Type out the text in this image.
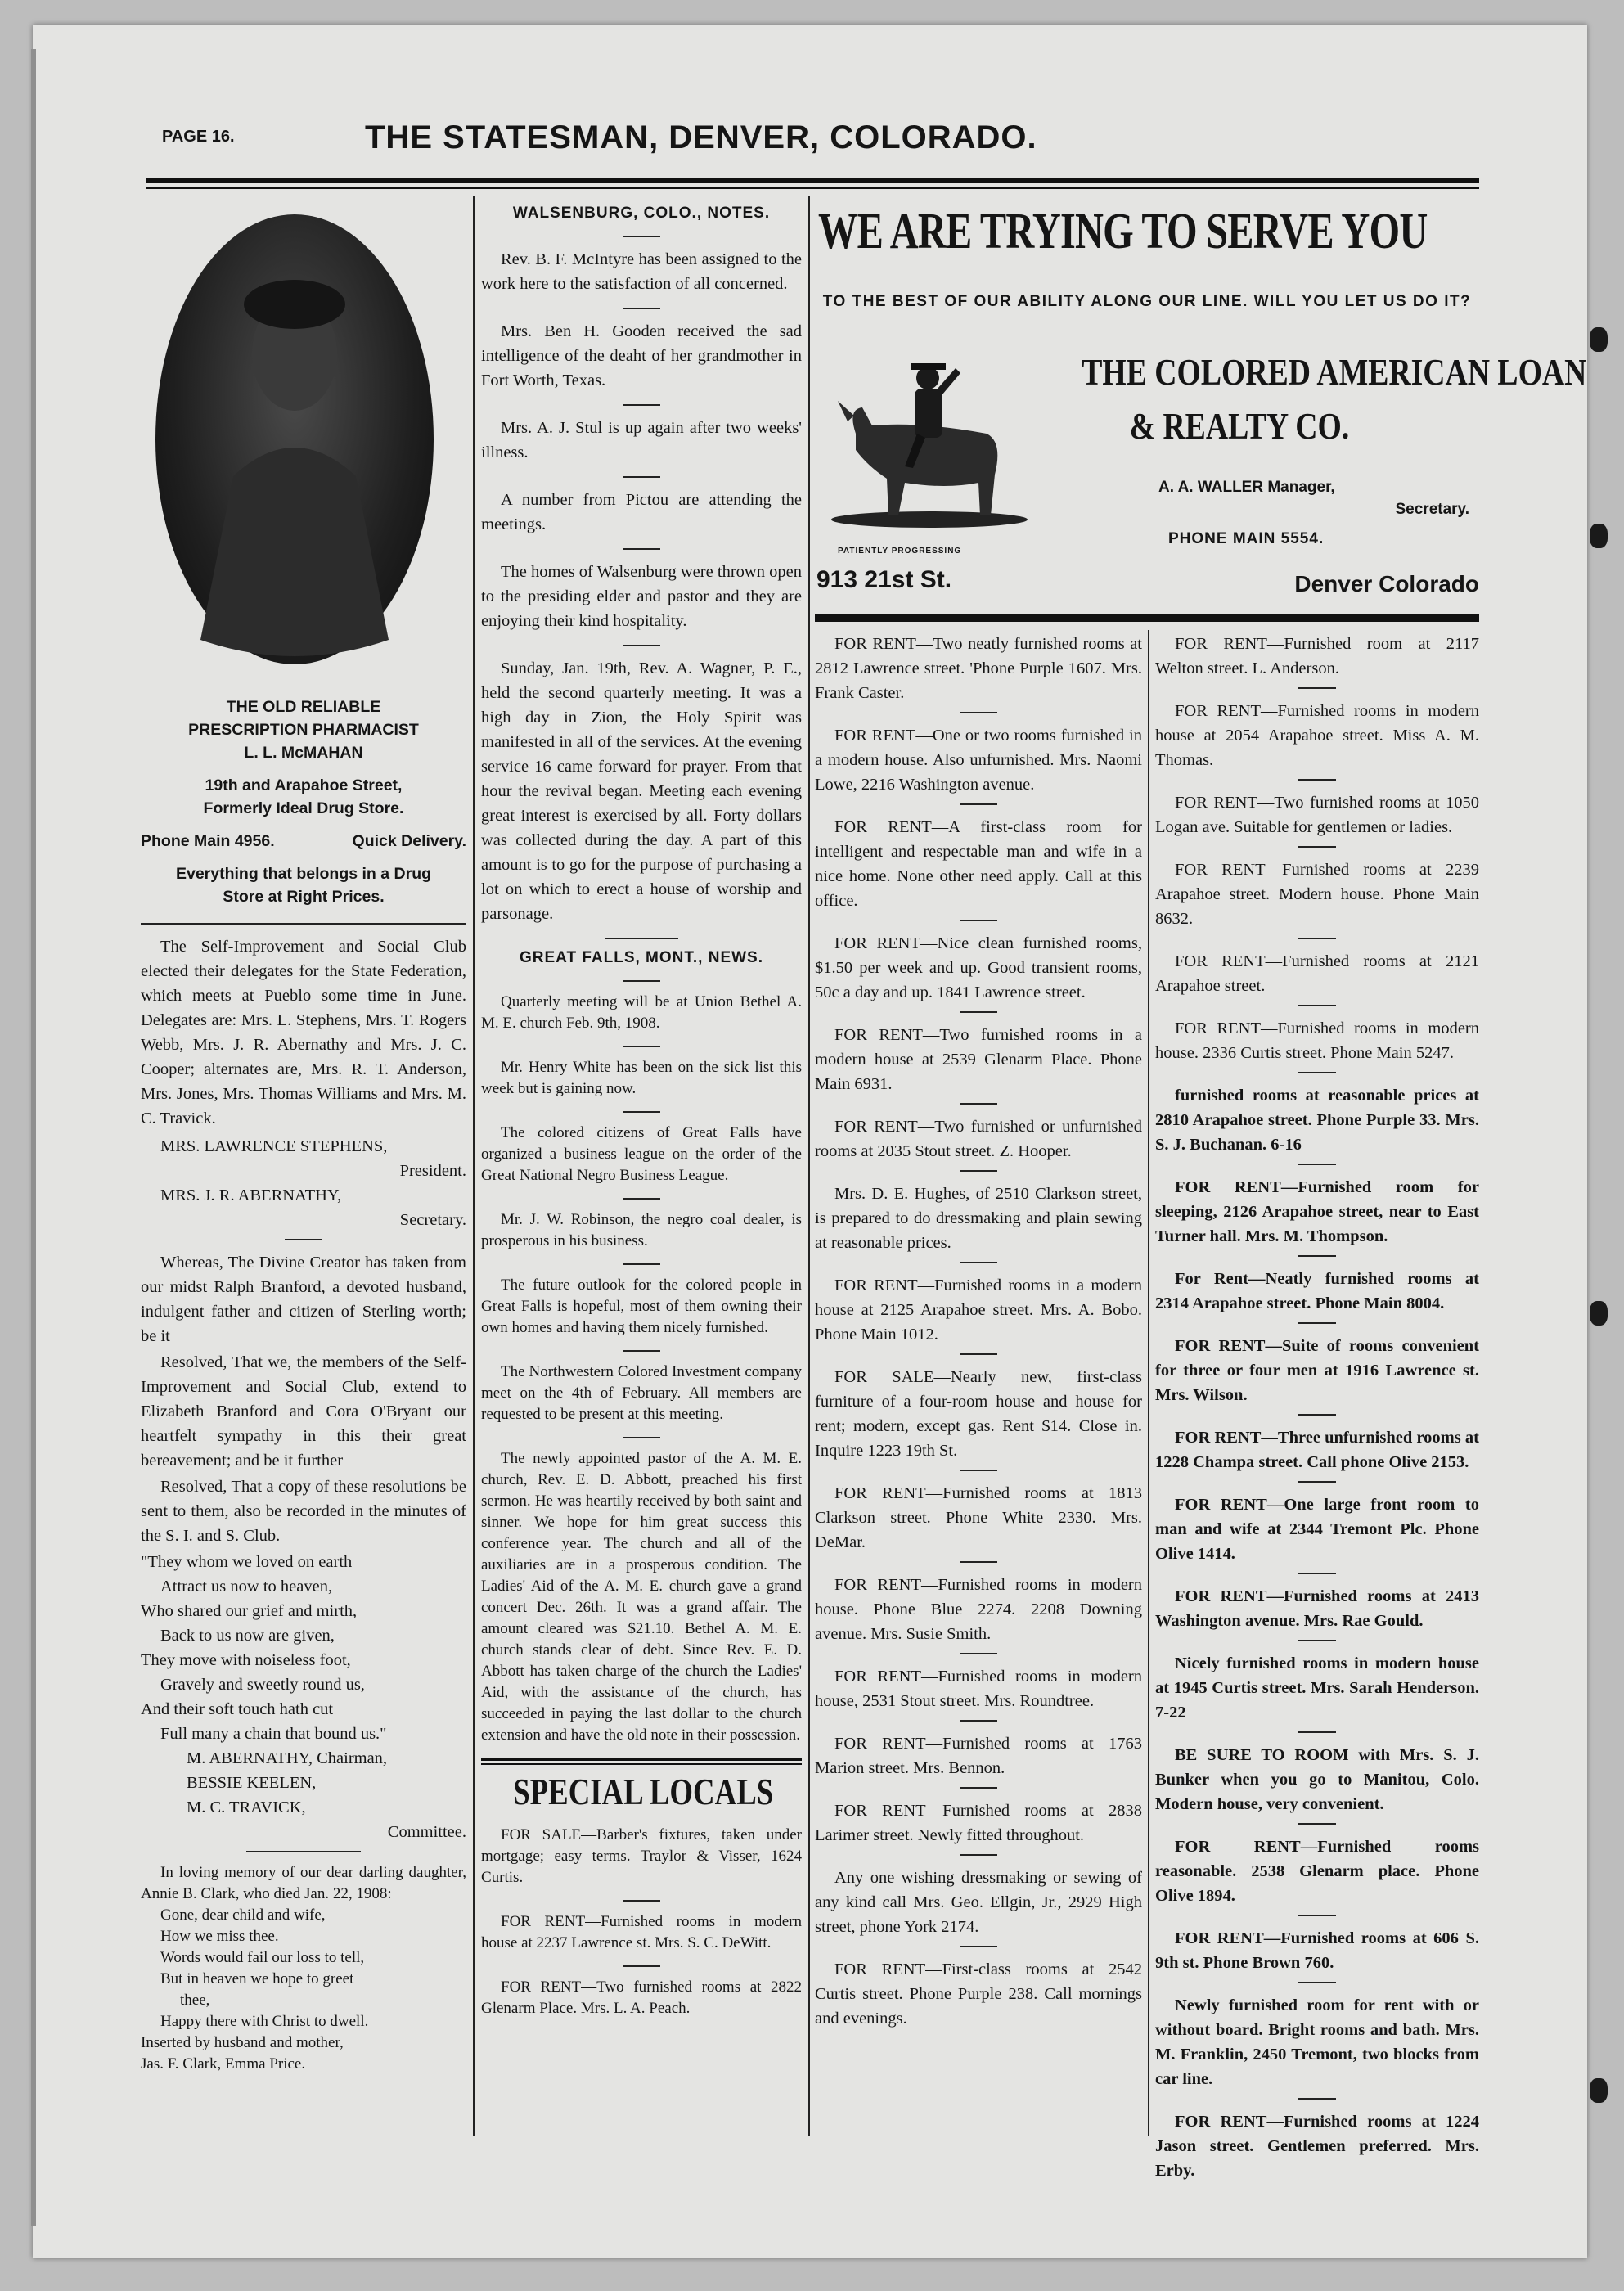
PAGE 16.	THE STATESMAN, DENVER, COLORADO.
THE OLD RELIABLE
PRESCRIPTION PHARMACIST
L. L. McMAHAN
19th and Arapahoe Street,
Formerly Ideal Drug Store.
Phone Main 4956.	Quick Delivery.
Everything that belongs in a Drug
Store at Right Prices.

The Self-Improvement and Social Club elected their delegates for the State Federation, which meets at Pueblo some time in June. Delegates are: Mrs. L. Stephens, Mrs. T. Rogers Webb, Mrs. J. R. Abernathy and Mrs. J. C. Cooper; alternates are, Mrs. R. T. Anderson, Mrs. Jones, Mrs. Thomas Williams and Mrs. M. C. Travick.

MRS. LAWRENCE STEPHENS,
President.
MRS. J. R. ABERNATHY,
Secretary.

Whereas, The Divine Creator has taken from our midst Ralph Branford, a devoted husband, indulgent father and citizen of Sterling worth; be it

Resolved, That we, the members of the Self-Improvement and Social Club, extend to Elizabeth Branford and Cora O'Bryant our heartfelt sympathy in this their great bereavement; and be it further

Resolved, That a copy of these resolutions be sent to them, also be recorded in the minutes of the S. I. and S. Club.

"They whom we loved on earth
Attract us now to heaven,
Who shared our grief and mirth,
Back to us now are given,
They move with noiseless foot,
Gravely and sweetly round us,
And their soft touch hath cut
Full many a chain that bound us."
M. ABERNATHY, Chairman,
BESSIE KEELEN,
M. C. TRAVICK,
Committee.

In loving memory of our dear darling daughter, Annie B. Clark, who died Jan. 22, 1908:

Gone, dear child and wife,
How we miss thee.
Words would fail our loss to tell,
But in heaven we hope to greet
thee,
Happy there with Christ to dwell.
Inserted by husband and mother,
Jas. F. Clark, Emma Price.
WALSENBURG, COLO., NOTES.

Rev. B. F. McIntyre has been assigned to the work here to the satisfaction of all concerned.

Mrs. Ben H. Gooden received the sad intelligence of the deaht of her grandmother in Fort Worth, Texas.

Mrs. A. J. Stul is up again after two weeks' illness.

A number from Pictou are attending the meetings.

The homes of Walsenburg were thrown open to the presiding elder and pastor and they are enjoying their kind hospitality.

Sunday, Jan. 19th, Rev. A. Wagner, P. E., held the second quarterly meeting. It was a high day in Zion, the Holy Spirit was manifested in all of the services. At the evening service 16 came forward for prayer. From that hour the revival began. Meeting each evening great interest is exercised by all. Forty dollars was collected during the day. A part of this amount is to go for the purpose of purchasing a lot on which to erect a house of worship and parsonage.

GREAT FALLS, MONT., NEWS.

Quarterly meeting will be at Union Bethel A. M. E. church Feb. 9th, 1908.

Mr. Henry White has been on the sick list this week but is gaining now.

The colored citizens of Great Falls have organized a business league on the order of the Great National Negro Business League.

Mr. J. W. Robinson, the negro coal dealer, is prosperous in his business.

The future outlook for the colored people in Great Falls is hopeful, most of them owning their own homes and having them nicely furnished.

The Northwestern Colored Investment company meet on the 4th of February. All members are requested to be present at this meeting.

The newly appointed pastor of the A. M. E. church, Rev. E. D. Abbott, preached his first sermon. He was heartily received by both saint and sinner. We hope for him great success this conference year. The church and all of the auxiliaries are in a prosperous condition. The Ladies' Aid of the A. M. E. church gave a grand concert Dec. 26th. It was a grand affair. The amount cleared was $21.10. Bethel A. M. E. church stands clear of debt. Since Rev. E. D. Abbott has taken charge of the church the Ladies' Aid, with the assistance of the church, has succeeded in paying the last dollar to the church extension and have the old note in their possession.

SPECIAL LOCALS

FOR SALE—Barber's fixtures, taken under mortgage; easy terms. Traylor & Visser, 1624 Curtis.

FOR RENT—Furnished rooms in modern house at 2237 Lawrence st. Mrs. S. C. DeWitt.

FOR RENT—Two furnished rooms at 2822 Glenarm Place. Mrs. L. A. Peach.

WE ARE TRYING TO SERVE YOU
TO THE BEST OF OUR ABILITY ALONG OUR LINE. WILL YOU LET US DO IT?
PATIENTLY PROGRESSING
THE COLORED AMERICAN LOAN
& REALTY CO.
A. A. WALLER Manager,
Secretary.
PHONE MAIN 5554.
913 21st St.	Denver Colorado

FOR RENT—Two neatly furnished rooms at 2812 Lawrence street. 'Phone Purple 1607. Mrs. Frank Caster.

FOR RENT—One or two rooms furnished in a modern house. Also unfurnished. Mrs. Naomi Lowe, 2216 Washington avenue.

FOR RENT—A first-class room for intelligent and respectable man and wife in a nice home. None other need apply. Call at this office.

FOR RENT—Nice clean furnished rooms, $1.50 per week and up. Good transient rooms, 50c a day and up. 1841 Lawrence street.

FOR RENT—Two furnished rooms in a modern house at 2539 Glenarm Place. Phone Main 6931.

FOR RENT—Two furnished or unfurnished rooms at 2035 Stout street. Z. Hooper.

Mrs. D. E. Hughes, of 2510 Clarkson street, is prepared to do dressmaking and plain sewing at reasonable prices.

FOR RENT—Furnished rooms in a modern house at 2125 Arapahoe street. Mrs. A. Bobo. Phone Main 1012.

FOR SALE—Nearly new, first-class furniture of a four-room house and house for rent; modern, except gas. Rent $14. Close in. Inquire 1223 19th St.

FOR RENT—Furnished rooms at 1813 Clarkson street. Phone White 2330. Mrs. DeMar.

FOR RENT—Furnished rooms in modern house. Phone Blue 2274. 2208 Downing avenue. Mrs. Susie Smith.

FOR RENT—Furnished rooms in modern house, 2531 Stout street. Mrs. Roundtree.

FOR RENT—Furnished rooms at 1763 Marion street. Mrs. Bennon.

FOR RENT—Furnished rooms at 2838 Larimer street. Newly fitted throughout.

Any one wishing dressmaking or sewing of any kind call Mrs. Geo. Ellgin, Jr., 2929 High street, phone York 2174.

FOR RENT—First-class rooms at 2542 Curtis street. Phone Purple 238. Call mornings and evenings.

FOR RENT—Furnished room at 2117 Welton street. L. Anderson.

FOR RENT—Furnished rooms in modern house at 2054 Arapahoe street. Miss A. M. Thomas.

FOR RENT—Two furnished rooms at 1050 Logan ave. Suitable for gentlemen or ladies.

FOR RENT—Furnished rooms at 2239 Arapahoe street. Modern house. Phone Main 8632.

FOR RENT—Furnished rooms at 2121 Arapahoe street.

FOR RENT—Furnished rooms in modern house. 2336 Curtis street. Phone Main 5247.

furnished rooms at reasonable prices at 2810 Arapahoe street. Phone Purple 33. Mrs. S. J. Buchanan. 6-16

FOR RENT—Furnished room for sleeping, 2126 Arapahoe street, near to East Turner hall. Mrs. M. Thompson.

For Rent—Neatly furnished rooms at 2314 Arapahoe street. Phone Main 8004.

FOR RENT—Suite of rooms convenient for three or four men at 1916 Lawrence st. Mrs. Wilson.

FOR RENT—Three unfurnished rooms at 1228 Champa street. Call phone Olive 2153.

FOR RENT—One large front room to man and wife at 2344 Tremont Plc. Phone Olive 1414.

FOR RENT—Furnished rooms at 2413 Washington avenue. Mrs. Rae Gould.

Nicely furnished rooms in modern house at 1945 Curtis street. Mrs. Sarah Henderson. 7-22

BE SURE TO ROOM with Mrs. S. J. Bunker when you go to Manitou, Colo. Modern house, very convenient.

FOR RENT—Furnished rooms reasonable. 2538 Glenarm place. Phone Olive 1894.

FOR RENT—Furnished rooms at 606 S. 9th st. Phone Brown 760.

Newly furnished room for rent with or without board. Bright rooms and bath. Mrs. M. Franklin, 2450 Tremont, two blocks from car line.

FOR RENT—Furnished rooms at 1224 Jason street. Gentlemen preferred. Mrs. Erby.
